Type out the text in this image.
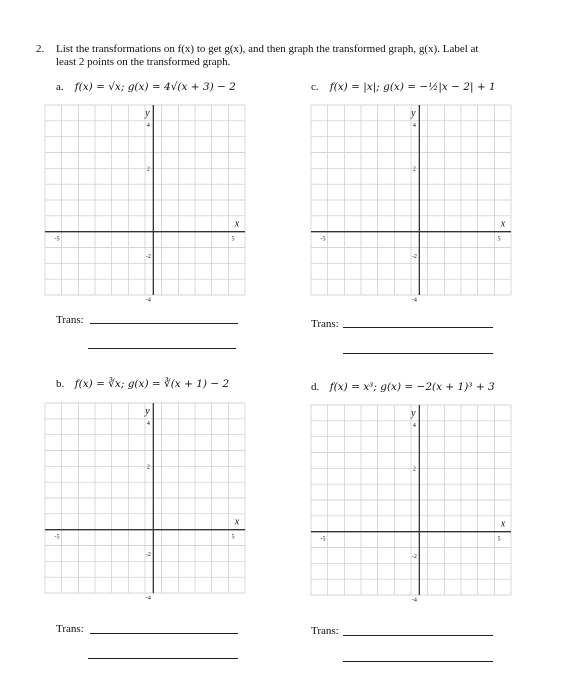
2. List the transformations on f(x) to get g(x), and then graph the transformed graph, g(x). Label at
least 2 points on the transformed graph.
a. f(x) = √x; g(x) = 4√(x + 3) − 2
x
y
-5	5
4
2
-2
-4
Trans:
c. f(x) = |x|; g(x) = −½|x − 2| + 1
x
y
-5	5
4
2
-2
-4
Trans:
b. f(x) = ∛x; g(x) = ∛(x + 1) − 2
x
y
-5	5
4
2
-2
-4
Trans:
d. f(x) = x³; g(x) = −2(x + 1)³ + 3
x
y
-5	5
4
2
-2
-4
Trans:
